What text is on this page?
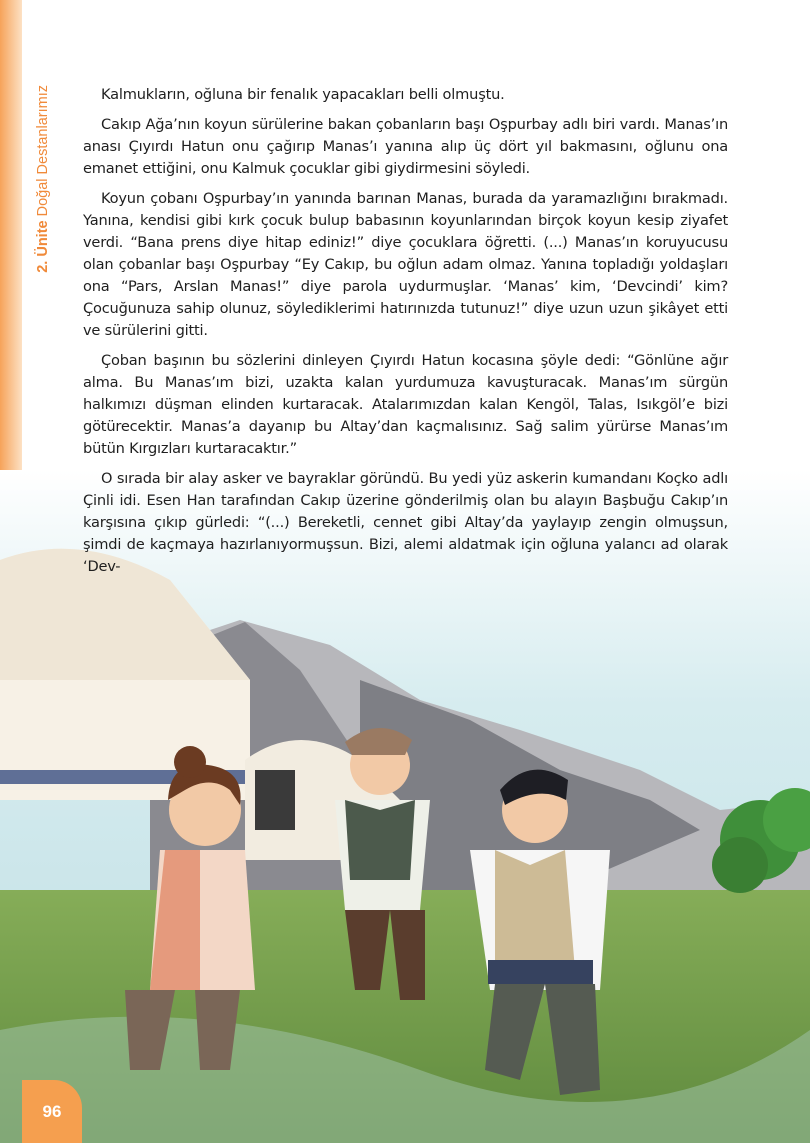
2. Ünite Doğal Destanlarımız	Kalmukların, oğluna bir fenalık yapacakları belli olmuştu.

Cakıp Ağa’nın koyun sürülerine bakan çobanların başı Oşpurbay adlı biri vardı. Manas’ın anası Çıyırdı Hatun onu çağırıp Manas’ı yanına alıp üç dört yıl bakmasını, oğlunu ona emanet ettiğini, onu Kalmuk çocuklar gibi giydirmesini söyledi.

Koyun çobanı Oşpurbay’ın yanında barınan Manas, burada da yaramazlığını bırakmadı. Yanına, kendisi gibi kırk çocuk bulup babasının koyunlarından birçok koyun kesip ziyafet verdi. “Bana prens diye hitap ediniz!” diye çocuklara öğretti. (...) Manas’ın koruyucusu olan çobanlar başı Oşpurbay “Ey Cakıp, bu oğlun adam olmaz. Yanına topladığı yoldaşları ona “Pars, Arslan Manas!” diye parola uydurmuşlar. ‘Manas’ kim, ‘Devcindi’ kim? Çocuğunuza sahip olunuz, söylediklerimi hatırınızda tutunuz!” diye uzun uzun şikâyet etti ve sürülerini gitti.

Çoban başının bu sözlerini dinleyen Çıyırdı Hatun kocasına şöyle dedi: “Gönlüne ağır alma. Bu Manas’ım bizi, uzakta kalan yurdumuza kavuşturacak. Manas’ım sürgün halkımızı düşman elinden kurtaracak. Atalarımızdan kalan Kengöl, Talas, Isıkgöl’e bizi götürecektir. Manas’a dayanıp bu Altay’dan kaçmalısınız. Sağ salim yürürse Manas’ım bütün Kırgızları kurtaracaktır.”

O sırada bir alay asker ve bayraklar göründü. Bu yedi yüz askerin kumandanı Koçko adlı Çinli idi. Esen Han tarafından Cakıp üzerine gönderilmiş olan bu alayın Başbuğu Cakıp’ın karşısına çıkıp gürledi: “(...) Bereketli, cennet gibi Altay’da yaylayıp zengin olmuşsun, şimdi de kaçmaya hazırlanıyormuşsun. Bizi, alemi aldatmak için oğluna yalancı ad olarak ‘Dev-

96
